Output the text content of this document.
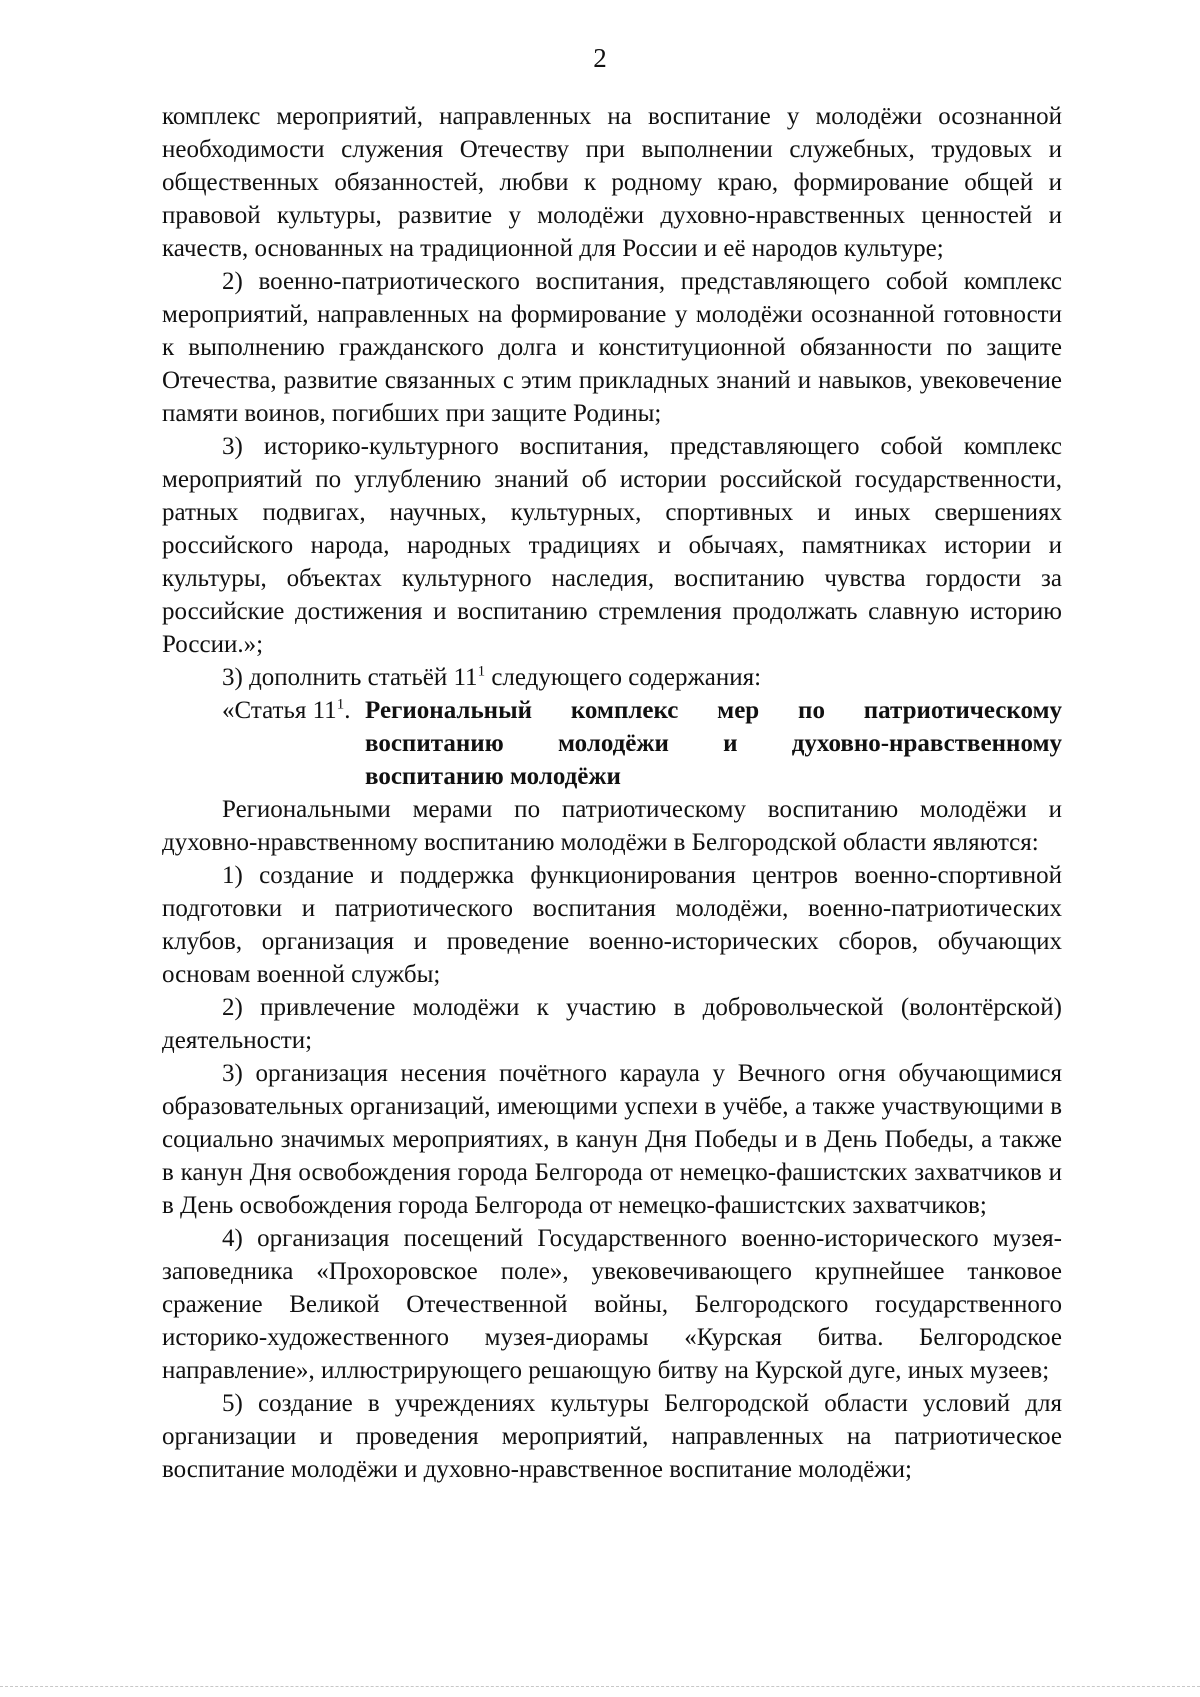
2

комплекс мероприятий, направленных на воспитание у молодёжи осознанной необходимости служения Отечеству при выполнении служебных, трудовых и общественных обязанностей, любви к родному краю, формирование общей и правовой культуры, развитие у молодёжи духовно-нравственных ценностей и качеств, основанных на традиционной для России и её народов культуре;

2) военно-патриотического воспитания, представляющего собой комплекс мероприятий, направленных на формирование у молодёжи осознанной готовности к выполнению гражданского долга и конституционной обязанности по защите Отечества, развитие связанных с этим прикладных знаний и навыков, увековечение памяти воинов, погибших при защите Родины;

3) историко-культурного воспитания, представляющего собой комплекс мероприятий по углублению знаний об истории российской государственности, ратных подвигах, научных, культурных, спортивных и иных свершениях российского народа, народных традициях и обычаях, памятниках истории и культуры, объектах культурного наследия, воспитанию чувства гордости за российские достижения и воспитанию стремления продолжать славную историю России.»;

3) дополнить статьёй $11^1$ следующего содержания:

«Статья $11^1$. Региональный комплекс мер по патриотическому воспитанию молодёжи и духовно-нравственному воспитанию молодёжи

Региональными мерами по патриотическому воспитанию молодёжи и духовно-нравственному воспитанию молодёжи в Белгородской области являются:

1) создание и поддержка функционирования центров военно-спортивной подготовки и патриотического воспитания молодёжи, военно-патриотических клубов, организация и проведение военно-исторических сборов, обучающих основам военной службы;

2) привлечение молодёжи к участию в добровольческой (волонтёрской) деятельности;

3) организация несения почётного караула у Вечного огня обучающимися образовательных организаций, имеющими успехи в учёбе, а также участвующими в социально значимых мероприятиях, в канун Дня Победы и в День Победы, а также в канун Дня освобождения города Белгорода от немецко-фашистских захватчиков и в День освобождения города Белгорода от немецко-фашистских захватчиков;

4) организация посещений Государственного военно-исторического музея-заповедника «Прохоровское поле», увековечивающего крупнейшее танковое сражение Великой Отечественной войны, Белгородского государственного историко-художественного музея-диорамы «Курская битва. Белгородское направление», иллюстрирующего решающую битву на Курской дуге, иных музеев;

5) создание в учреждениях культуры Белгородской области условий для организации и проведения мероприятий, направленных на патриотическое воспитание молодёжи и духовно-нравственное воспитание молодёжи;
